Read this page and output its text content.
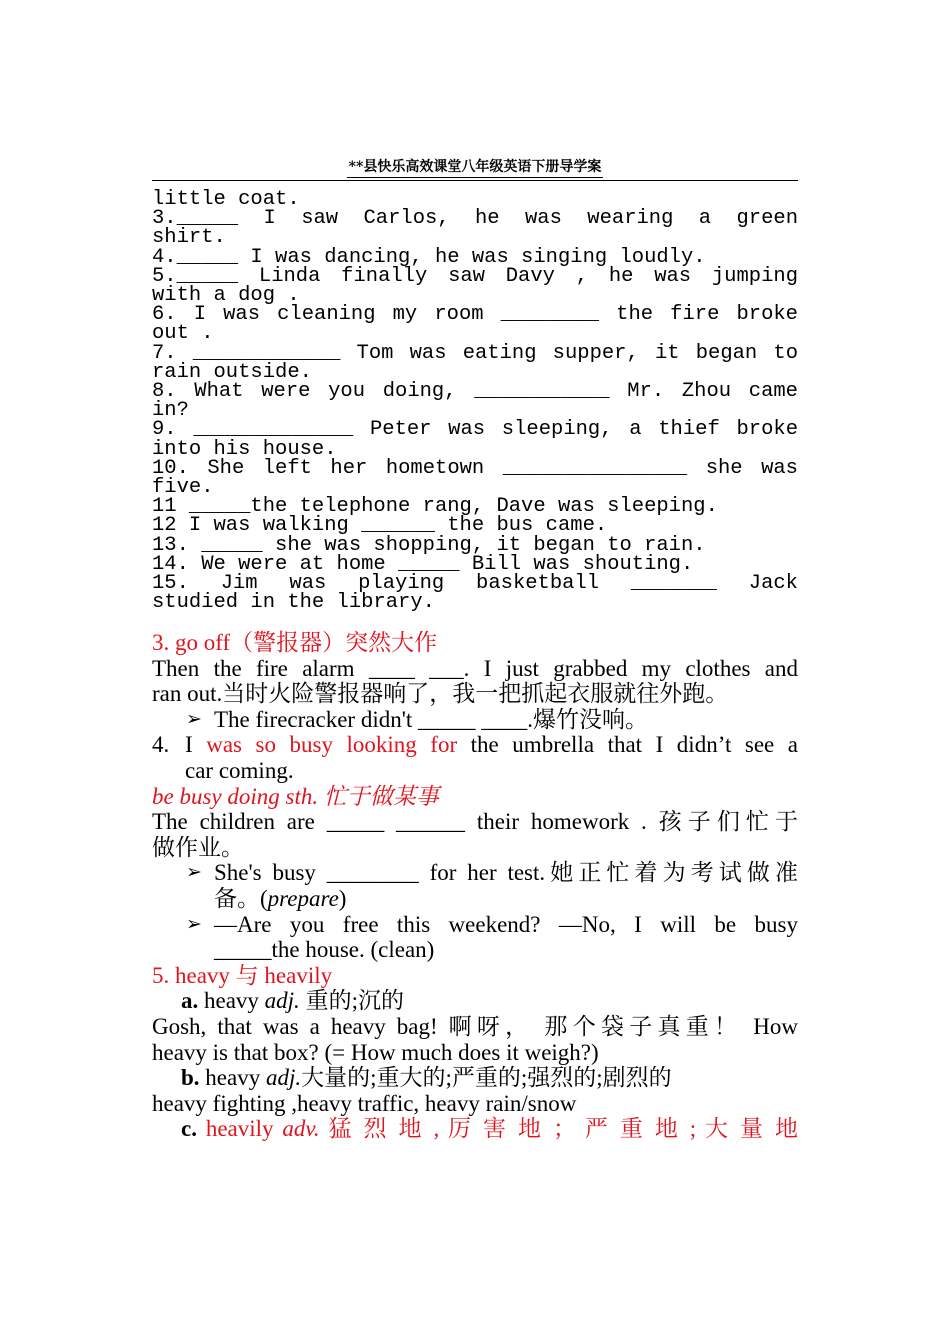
**县快乐高效课堂八年级英语下册导学案
little coat.
3._____ I saw Carlos, he was wearing a green
shirt.
4._____ I was dancing, he was singing loudly.
5._____ Linda finally saw Davy , he was jumping
with a dog .
6. I was cleaning my room ________ the fire broke
out .
7. ____________ Tom was eating supper, it began to
rain outside.
8. What were you doing, ___________ Mr. Zhou came
in?
9. _____________ Peter was sleeping, a thief broke
into his house.
10. She left her hometown _______________ she was
five.
11 _____the telephone rang, Dave was sleeping.
12 I was walking ______ the bus came.
13. _____ she was shopping, it began to rain.
14. We were at home _____ Bill was shouting.
15. Jim was playing basketball _______ Jack
studied in the library.
3. go off（警报器）突然大作
Then the fire alarm ____ ___. I just grabbed my clothes and
ran out.当时火险警报器响了，我一把抓起衣服就往外跑。
➢ The firecracker didn't _____ ____.爆竹没响。
4. I was so busy looking for the umbrella that I didn’t see a
car coming.
be busy doing sth. 忙于做某事
The children are _____ ______ their homework . 孩子们忙于
做作业。
➢ She's busy ________ for her test.她正忙着为考试做准
备。(prepare)
➢ —Are you free this weekend? —No, I will be busy
_____the house. (clean)
5. heavy 与 heavily
a. heavy adj. 重的;沉的
Gosh, that was a heavy bag! 啊呀， 那个袋子真重！ How
heavy is that box? (= How much does it weigh?)
b. heavy adj.大量的;重大的;严重的;强烈的;剧烈的
heavy fighting ,heavy traffic, heavy rain/snow
c. heavily adv. 猛 烈 地 , 厉 害 地 ； 严 重 地 ; 大 量 地
